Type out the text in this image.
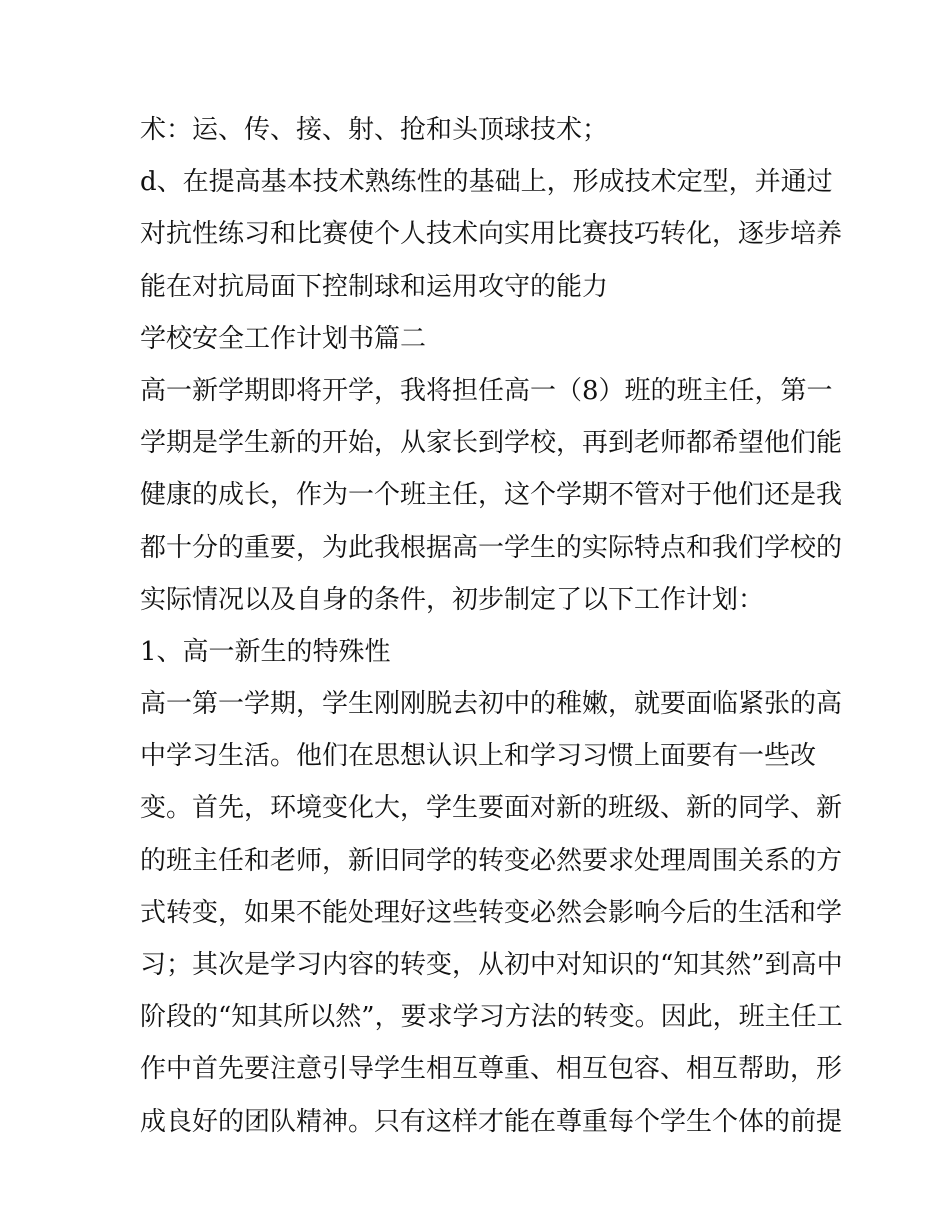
术：运、传、接、射、抢和头顶球技术；
d、在提高基本技术熟练性的基础上，形成技术定型，并通过
对抗性练习和比赛使个人技术向实用比赛技巧转化，逐步培养
能在对抗局面下控制球和运用攻守的能力
学校安全工作计划书篇二
高一新学期即将开学，我将担任高一（8）班的班主任，第一
学期是学生新的开始，从家长到学校，再到老师都希望他们能
健康的成长，作为一个班主任，这个学期不管对于他们还是我
都十分的重要，为此我根据高一学生的实际特点和我们学校的
实际情况以及自身的条件，初步制定了以下工作计划：
1、高一新生的特殊性
高一第一学期，学生刚刚脱去初中的稚嫩，就要面临紧张的高
中学习生活。他们在思想认识上和学习习惯上面要有一些改
变。首先，环境变化大，学生要面对新的班级、新的同学、新
的班主任和老师，新旧同学的转变必然要求处理周围关系的方
式转变，如果不能处理好这些转变必然会影响今后的生活和学
习；其次是学习内容的转变，从初中对知识的“知其然”到高中
阶段的“知其所以然”，要求学习方法的转变。因此，班主任工
作中首先要注意引导学生相互尊重、相互包容、相互帮助，形
成良好的团队精神。只有这样才能在尊重每个学生个体的前提
